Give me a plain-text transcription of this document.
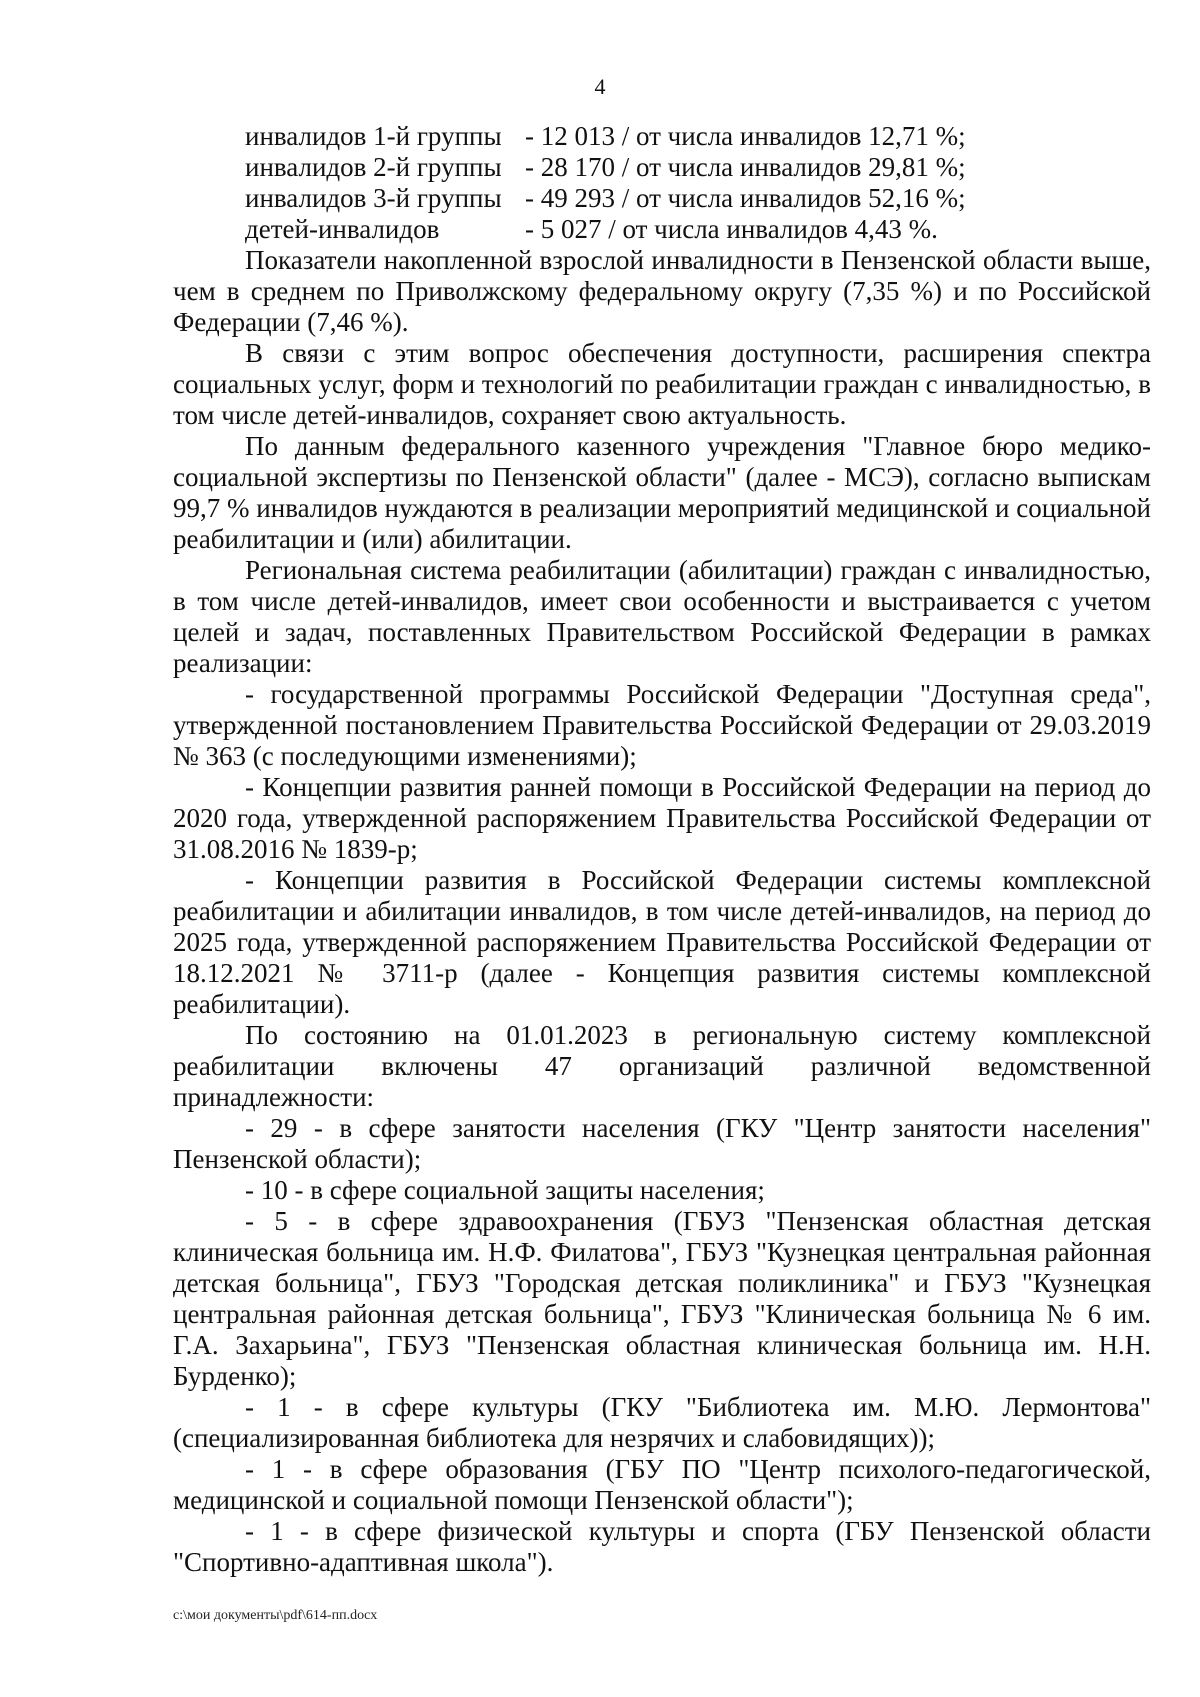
4
инвалидов 1-й группы - 12 013 / от числа инвалидов 12,71 %;
инвалидов 2-й группы - 28 170 / от числа инвалидов 29,81 %;
инвалидов 3-й группы - 49 293 / от числа инвалидов 52,16 %;
детей-инвалидов	- 5 027 / от числа инвалидов 4,43 %.

Показатели накопленной взрослой инвалидности в Пензенской области выше, чем в среднем по Приволжскому федеральному округу (7,35 %) и по Российской Федерации (7,46 %).

В связи с этим вопрос обеспечения доступности, расширения спектра социальных услуг, форм и технологий по реабилитации граждан с инвалидностью, в том числе детей-инвалидов, сохраняет свою актуальность.

По данным федерального казенного учреждения "Главное бюро медико-социальной экспертизы по Пензенской области" (далее - МСЭ), согласно выпискам 99,7 % инвалидов нуждаются в реализации мероприятий медицинской и социальной реабилитации и (или) абилитации.

Региональная система реабилитации (абилитации) граждан с инвалидностью, в том числе детей-инвалидов, имеет свои особенности и выстраивается с учетом целей и задач, поставленных Правительством Российской Федерации в рамках реализации:

- государственной программы Российской Федерации "Доступная среда", утвержденной постановлением Правительства Российской Федерации от 29.03.2019 № 363 (с последующими изменениями);

- Концепции развития ранней помощи в Российской Федерации на период до 2020 года, утвержденной распоряжением Правительства Российской Федерации от 31.08.2016 № 1839-р;

- Концепции развития в Российской Федерации системы комплексной реабилитации и абилитации инвалидов, в том числе детей-инвалидов, на период до 2025 года, утвержденной распоряжением Правительства Российской Федерации от 18.12.2021 № 3711-р (далее - Концепция развития системы комплексной реабилитации).

По состоянию на 01.01.2023 в региональную систему комплексной реабилитации включены 47 организаций различной ведомственной принадлежности:

- 29 - в сфере занятости населения (ГКУ "Центр занятости населения" Пензенской области);

- 10 - в сфере социальной защиты населения;

- 5 - в сфере здравоохранения (ГБУЗ "Пензенская областная детская клиническая больница им. Н.Ф. Филатова", ГБУЗ "Кузнецкая центральная районная детская больница", ГБУЗ "Городская детская поликлиника" и ГБУЗ "Кузнецкая центральная районная детская больница", ГБУЗ "Клиническая больница № 6 им. Г.А. Захарьина", ГБУЗ "Пензенская областная клиническая больница им. Н.Н. Бурденко);

- 1 - в сфере культуры (ГКУ "Библиотека им. М.Ю. Лермонтова" (специализированная библиотека для незрячих и слабовидящих));

- 1 - в сфере образования (ГБУ ПО "Центр психолого-педагогической, медицинской и социальной помощи Пензенской области");

- 1 - в сфере физической культуры и спорта (ГБУ Пензенской области "Спортивно-адаптивная школа").

c:\мои документы\pdf\614-пп.docx
